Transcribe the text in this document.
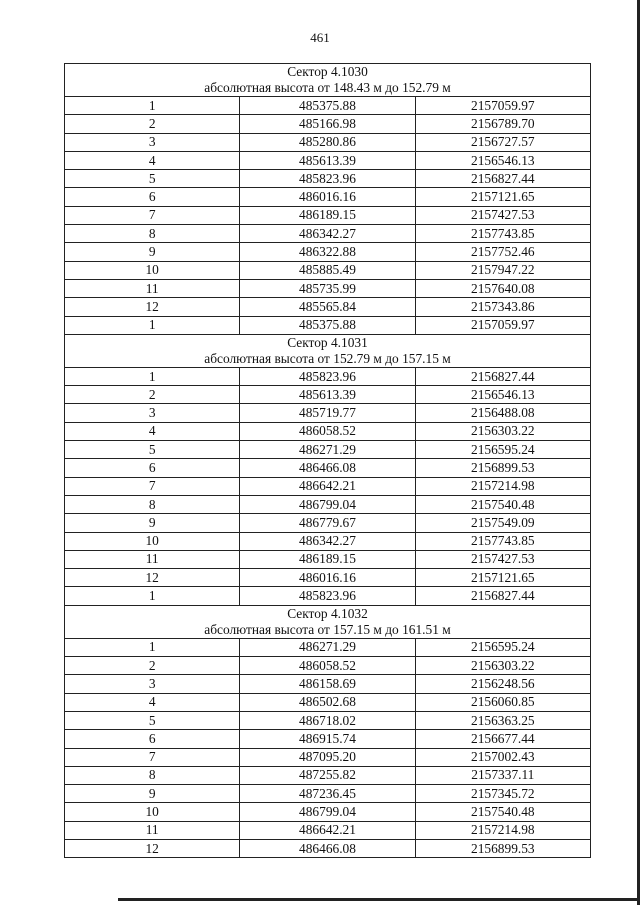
461
Сектор 4.1030		
абсолютная высота от 148.43 м до 152.79 м		
1	485375.88	2157059.97
2	485166.98	2156789.70
3	485280.86	2156727.57
4	485613.39	2156546.13
5	485823.96	2156827.44
6	486016.16	2157121.65
7	486189.15	2157427.53
8	486342.27	2157743.85
9	486322.88	2157752.46
10	485885.49	2157947.22
11	485735.99	2157640.08
12	485565.84	2157343.86
1	485375.88	2157059.97
Сектор 4.1031		
абсолютная высота от 152.79 м до 157.15 м		
1	485823.96	2156827.44
2	485613.39	2156546.13
3	485719.77	2156488.08
4	486058.52	2156303.22
5	486271.29	2156595.24
6	486466.08	2156899.53
7	486642.21	2157214.98
8	486799.04	2157540.48
9	486779.67	2157549.09
10	486342.27	2157743.85
11	486189.15	2157427.53
12	486016.16	2157121.65
1	485823.96	2156827.44
Сектор 4.1032		
абсолютная высота от 157.15 м до 161.51 м		
1	486271.29	2156595.24
2	486058.52	2156303.22
3	486158.69	2156248.56
4	486502.68	2156060.85
5	486718.02	2156363.25
6	486915.74	2156677.44
7	487095.20	2157002.43
8	487255.82	2157337.11
9	487236.45	2157345.72
10	486799.04	2157540.48
11	486642.21	2157214.98
12	486466.08	2156899.53
